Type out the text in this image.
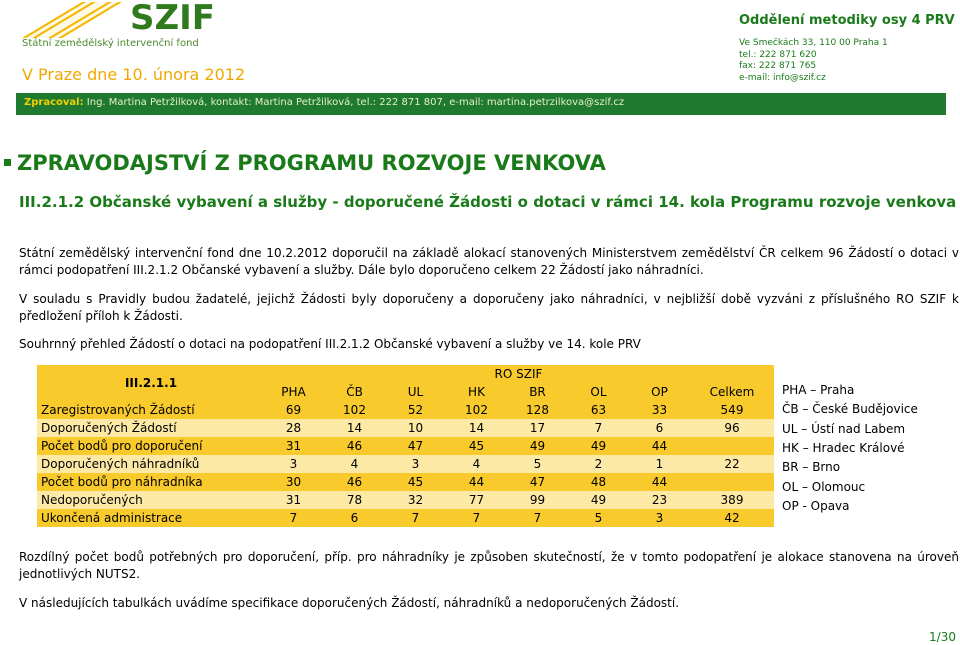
SZIF
Státní zemědělský intervenční fond
V Praze dne 10. února 2012
Oddělení metodiky osy 4 PRV
Ve Smečkách 33, 110 00 Praha 1
tel.: 222 871 620
fax: 222 871 765
e-mail: info@szif.cz
Zpracoval: Ing. Martina Petržilková, kontakt: Martina Petržilková, tel.: 222 871 807, e-mail: martina.petrzilkova@szif.cz
ZPRAVODAJSTVÍ Z PROGRAMU ROZVOJE VENKOVA
III.2.1.2 Občanské vybavení a služby - doporučené Žádosti o dotaci v rámci 14. kola Programu rozvoje venkova
Státní zemědělský intervenční fond dne 10.2.2012 doporučil na základě alokací stanovených Ministerstvem zemědělství ČR celkem 96 Žádostí o dotaci v rámci podopatření III.2.1.2 Občanské vybavení a služby. Dále bylo doporučeno celkem 22 Žádostí jako náhradníci.
V souladu s Pravidly budou žadatelé, jejichž Žádosti byly doporučeny a doporučeny jako náhradníci, v nejbližší době vyzváni z příslušného RO SZIF k předložení příloh k Žádosti.
Souhrnný přehled Žádostí o dotaci na podopatření III.2.1.2 Občanské vybavení a služby ve 14. kole PRV
III.2.1.1	RO SZIF							
	PHA	ČB	UL	HK	BR	OL	OP	Celkem
Zaregistrovaných Žádostí	69	102	52	102	128	63	33	549
Doporučených Žádostí	28	14	10	14	17	7	6	96
Počet bodů pro doporučení	31	46	47	45	49	49	44	
Doporučených náhradníků	3	4	3	4	5	2	1	22
Počet bodů pro náhradníka	30	46	45	44	47	48	44	
Nedoporučených	31	78	32	77	99	49	23	389
Ukončená administrace	7	6	7	7	7	5	3	42
PHA – Praha
ČB – České Budějovice
UL – Ústí nad Labem
HK – Hradec Králové
BR – Brno
OL – Olomouc
OP - Opava
Rozdílný počet bodů potřebných pro doporučení, příp. pro náhradníky je způsoben skutečností, že v tomto podopatření je alokace stanovena na úroveň jednotlivých NUTS2.
V následujících tabulkách uvádíme specifikace doporučených Žádostí, náhradníků a nedoporučených Žádostí.
1/30
